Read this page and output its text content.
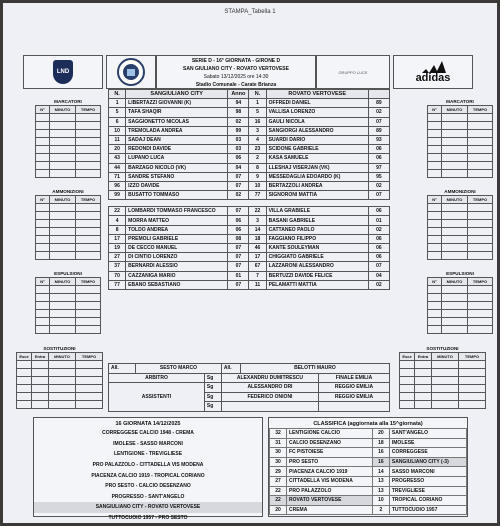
STAMPA_Tabella 1
LND
SERIE D - 16° GIORNATA - GIRONE D
SAN GIULIANO CITY - ROVATO VERTOVESE
Sabato 13/12/2025 ore 14:30
Stadio Comunale - Carate Brianza
GRUPPO LUCE	adidas
MARCATORI
N°	MINUTO	TEMPO

AMMONIZIONI
N°	MINUTO	TEMPO

ESPULSIONI
N°	MINUTO	TEMPO

SOSTITUZIONI
Esce	Entra	MINUTO	TEMPO

MARCATORI
N°	MINUTO	TEMPO

AMMONIZIONI
N°	MINUTO	TEMPO

ESPULSIONI
N°	MINUTO	TEMPO

SOSTITUZIONI
Esce	Entra	MINUTO	TEMPO

N.	SANGIULIANO CITY	Anno	N.	ROVATO VERTOVESE	
1	LIBERTAZZI GIOVANNI (K)	94	1	OFFREDI DANIEL	89
5	TAFA SHAQIR	98	5	VALLISA LORENZO	02
6	SAGGIONETTO NICOLAS	02	16	GAULI NICOLA	07
10	TREMOLADA ANDREA	99	3	SANGIORGI ALESSANDRO	89
11	SADAJ DEAN	03	4	SUARDI DARIO	93
20	REDONDI DAVIDE	03	23	SCIDONE GABRIELE	06
43	LUPANO LUCA	06	2	KASA SAMUELE	06
44	BARZAGO NICOLO (VK)	04	8	LLESHAJ VISERJAN (VK)	97
71	SANDRE STEFANO	07	9	MESSEDAGLIA EDOARDO (K)	95
96	IZZO DAVIDE	07	10	BERTAZZOLI ANDREA	02
99	BUSATTO TOMMASO	02	77	SIGNORONI MATTIA	07

22	LOMBARDI TOMMASO FRANCESCO	07	22	VILLA GRABIELE	06
4	MORRA MATTEO	06	3	BASANI GABRIELE	01
8	TOLDO ANDREA	06	14	CATTANEO PAOLO	02
17	PREMOLI GABRIELE	08	18	FAGGIANO FILIPPO	06
19	DE CECCO MANUEL	07	46	KANTE SOULEYMAN	06
27	DI CINTIO LORENZO	07	17	CHIGGIATO GABRIELE	06
37	BERNARDI ALESSIO	07	67	LAZZARONI ALESSANDRO	07
70	CAZZANIGA MARIO	01	7	BERTUZZI DAVIDE FELICE	04
77	EBANO SEBASTIANO	07	11	PELAMATTI MATTIA	02
All.	SESTO MARCO		All.	BELOTTI MAURO	
ARBITRO		Sg	ALEXANDRU DUMITRESCU		FINALE EMILIA
ASSISTENTI		Sg	ALESSANDRO DRI		REGGIO EMILIA
		Sg	FEDERICO ONIONI		REGGIO EMILIA
		Sg			
16 GIORNATA 14/12/2025
CORREGGESE CALCIO 1948 - CREMA
IMOLESE - SASSO MARCONI
LENTIGIONE - TREVIGLIESE
PRO PALAZZOLO - CITTADELLA VIS MODENA
PIACENZA CALCIO 1919 - TROPICAL CORIANO
PRO SESTO - CALCIO DESENZANO
PROGRESSO - SANT'ANGELO
SANGIULIANO CITY - ROVATO VERTOVESE
TUTTOCUOIO 1957 - PRO SESTO
CLASSIFICA (aggiornata alla 15^giornata)
32	LENTIGIONE CALCIO	20	SANT'ANGELO
31	CALCIO DESENZANO	18	IMOLESE
30	FC PISTOIESE	16	CORREGGESE
30	PRO SESTO	16	SANGIULIANO CITY (-3)
29	PIACENZA CALCIO 1919	14	SASSO MARCONI
27	CITTADELLA VIS MODENA	13	PROGRESSO
22	PRO PALAZZOLO	13	TREVIGLIESE
22	ROVATO VERTOVESE	10	TROPICAL CORIANO
20	CREMA	2	TUTTOCUOIO 1957
